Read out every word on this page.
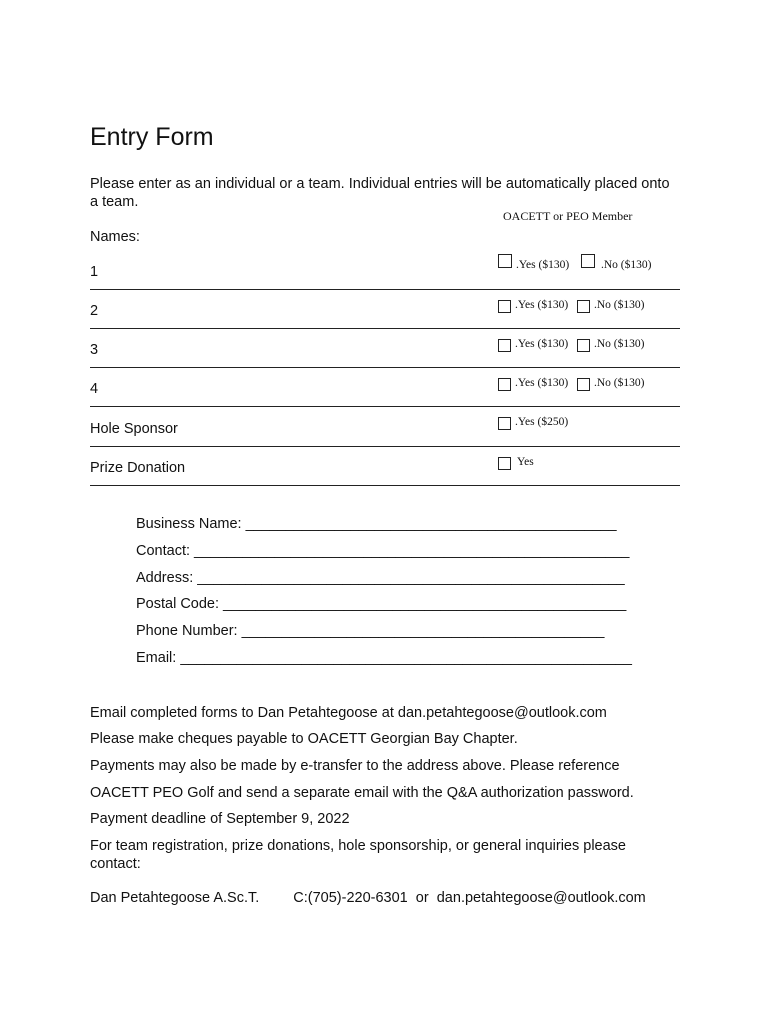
Entry Form
Please enter as an individual or a team. Individual entries will be automatically placed onto a team.
OACETT or PEO Member
Names:
1	.Yes ($130)	.No ($130)
2	.Yes ($130) .No ($130)
3	.Yes ($130) .No ($130)
4	.Yes ($130) .No ($130)
Hole Sponsor	.Yes ($250)
Prize Donation	Yes
Business Name: ______________________________________________
Contact: ______________________________________________________
Address: _____________________________________________________
Postal Code: __________________________________________________
Phone Number: _____________________________________________
Email: ________________________________________________________
Email completed forms to Dan Petahtegoose at dan.petahtegoose@outlook.com
Please make cheques payable to OACETT Georgian Bay Chapter.
Payments may also be made by e-transfer to the address above. Please reference
OACETT PEO Golf and send a separate email with the Q&A authorization password.
Payment deadline of September 9, 2022
For team registration, prize donations, hole sponsorship, or general inquiries please contact:
Dan Petahtegoose A.Sc.T. C:(705)-220-6301  or  dan.petahtegoose@outlook.com
